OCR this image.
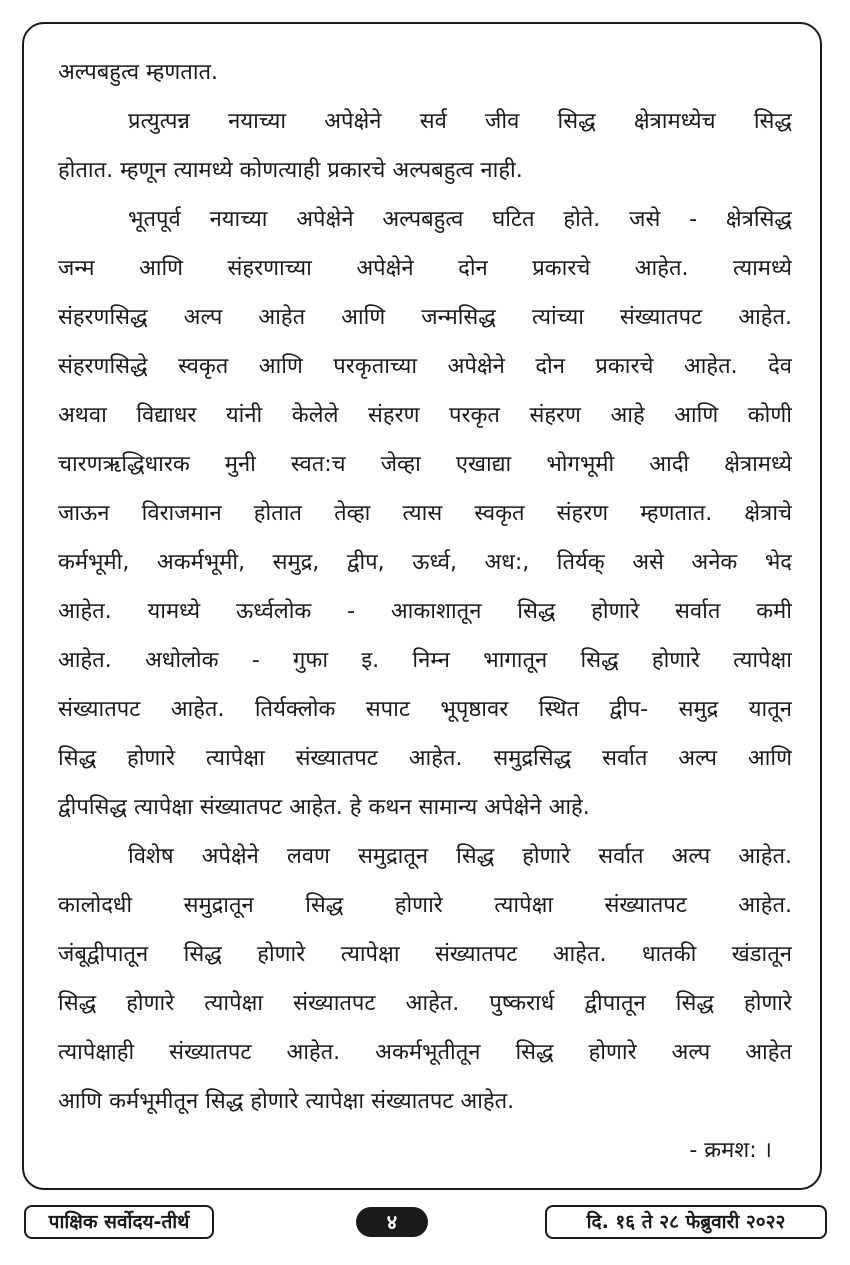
अल्पबहुत्व म्हणतात.
प्रत्युत्पन्न नयाच्या अपेक्षेने सर्व जीव सिद्ध क्षेत्रामध्येच सिद्ध
होतात. म्हणून त्यामध्ये कोणत्याही प्रकारचे अल्पबहुत्व नाही.
भूतपूर्व नयाच्या अपेक्षेने अल्पबहुत्व घटित होते. जसे - क्षेत्रसिद्ध
जन्म आणि संहरणाच्या अपेक्षेने दोन प्रकारचे आहेत. त्यामध्ये
संहरणसिद्ध अल्प आहेत आणि जन्मसिद्ध त्यांच्या संख्यातपट आहेत.
संहरणसिद्धे स्वकृत आणि परकृताच्या अपेक्षेने दोन प्रकारचे आहेत. देव
अथवा विद्याधर यांनी केलेले संहरण परकृत संहरण आहे आणि कोणी
चारणऋद्धिधारक मुनी स्वत:च जेव्हा एखाद्या भोगभूमी आदी क्षेत्रामध्ये
जाऊन विराजमान होतात तेव्हा त्यास स्वकृत संहरण म्हणतात. क्षेत्राचे
कर्मभूमी, अकर्मभूमी, समुद्र, द्वीप, ऊर्ध्व, अध:, तिर्यक् असे अनेक भेद
आहेत. यामध्ये ऊर्ध्वलोक - आकाशातून सिद्ध होणारे सर्वात कमी
आहेत. अधोलोक - गुफा इ. निम्न भागातून सिद्ध होणारे त्यापेक्षा
संख्यातपट आहेत. तिर्यक्लोक सपाट भूपृष्ठावर स्थित द्वीप- समुद्र यातून
सिद्ध होणारे त्यापेक्षा संख्यातपट आहेत. समुद्रसिद्ध सर्वात अल्प आणि
द्वीपसिद्ध त्यापेक्षा संख्यातपट आहेत. हे कथन सामान्य अपेक्षेने आहे.
विशेष अपेक्षेने लवण समुद्रातून सिद्ध होणारे सर्वात अल्प आहेत.
कालोदधी समुद्रातून सिद्ध होणारे त्यापेक्षा संख्यातपट आहेत.
जंबूद्वीपातून सिद्ध होणारे त्यापेक्षा संख्यातपट आहेत. धातकी खंडातून
सिद्ध होणारे त्यापेक्षा संख्यातपट आहेत. पुष्करार्ध द्वीपातून सिद्ध होणारे
त्यापेक्षाही संख्यातपट आहेत. अकर्मभूतीतून सिद्ध होणारे अल्प आहेत
आणि कर्मभूमीतून सिद्ध होणारे त्यापेक्षा संख्यातपट आहेत.
- क्रमश: ।
पाक्षिक सर्वोदय-तीर्थ	४	दि. १६ ते २८ फेब्रुवारी २०२२
